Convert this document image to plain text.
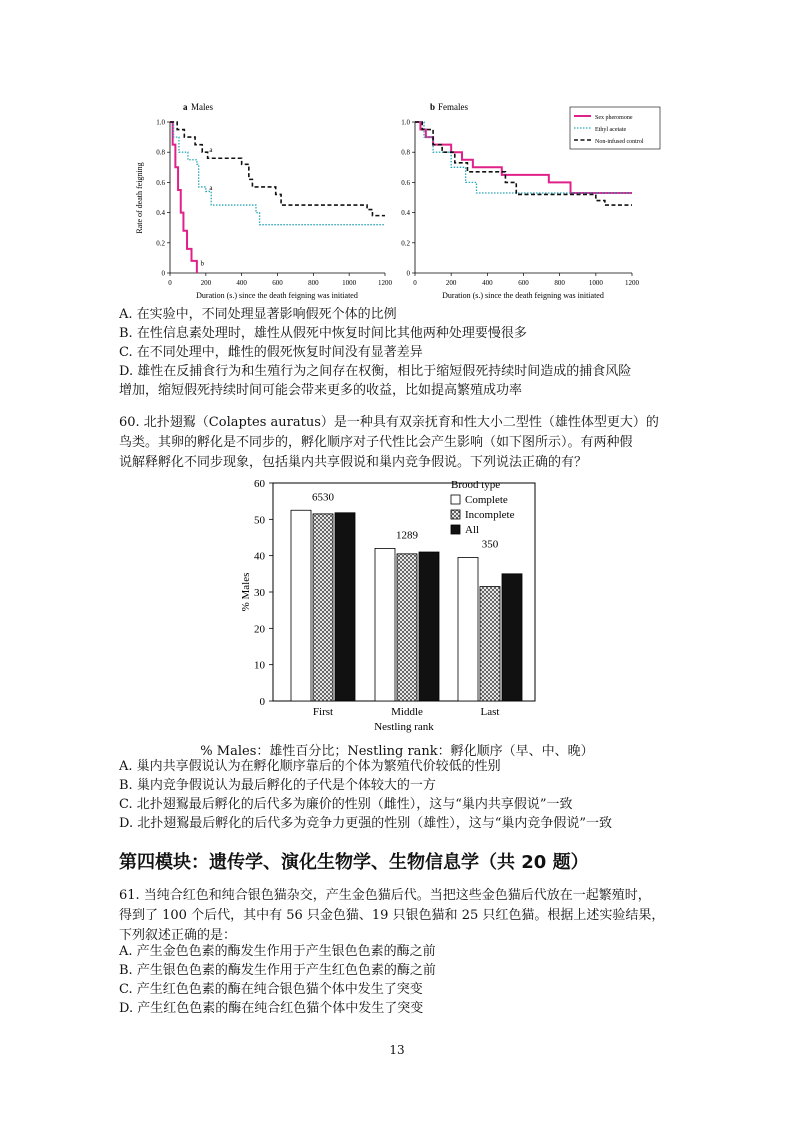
a Males
0	200	400	600	800	1000	1200
0
0.2
0.4
0.6
0.8
1.0
a
a
b
Rate of death feigning
Duration (s.) since the death feigning was initiated
b Females
0	200	400	600	800	1000	1200
0
0.2
0.4
0.6
0.8
1.0
Duration (s.) since the death feigning was initiated
Sex pheromone
Ethyl acetate
Non-infused control
A. 在实验中，不同处理显著影响假死个体的比例
B. 在性信息素处理时，雄性从假死中恢复时间比其他两种处理要慢很多
C. 在不同处理中，雌性的假死恢复时间没有显著差异
D. 雄性在反捕食行为和生殖行为之间存在权衡，相比于缩短假死持续时间造成的捕食风险
增加，缩短假死持续时间可能会带来更多的收益，比如提高繁殖成功率
60. 北扑翅鴷（Colaptes auratus）是一种具有双亲抚育和性大小二型性（雄性体型更大）的
鸟类。其卵的孵化是不同步的，孵化顺序对子代性比会产生影响（如下图所示）。有两种假
说解释孵化不同步现象，包括巢内共享假说和巢内竞争假说。下列说法正确的有？
0
10
20
30
40
50
60
First
6530
Middle
1289
Last
350
% Males
Nestling rank
Brood type
Complete
Incomplete
All
% Males：雄性百分比；Nestling rank：孵化顺序（早、中、晚）
A. 巢内共享假说认为在孵化顺序靠后的个体为繁殖代价较低的性别
B. 巢内竞争假说认为最后孵化的子代是个体较大的一方
C. 北扑翅鴷最后孵化的后代多为廉价的性别（雌性），这与“巢内共享假说”一致
D. 北扑翅鴷最后孵化的后代多为竞争力更强的性别（雄性），这与“巢内竞争假说”一致
第四模块：遗传学、演化生物学、生物信息学（共 20 题）
61. 当纯合红色和纯合银色猫杂交，产生金色猫后代。当把这些金色猫后代放在一起繁殖时，
得到了 100 个后代，其中有 56 只金色猫、19 只银色猫和 25 只红色猫。根据上述实验结果，
下列叙述正确的是：
A. 产生金色色素的酶发生作用于产生银色色素的酶之前
B. 产生银色色素的酶发生作用于产生红色色素的酶之前
C. 产生红色色素的酶在纯合银色猫个体中发生了突变
D. 产生红色色素的酶在纯合红色猫个体中发生了突变
13
